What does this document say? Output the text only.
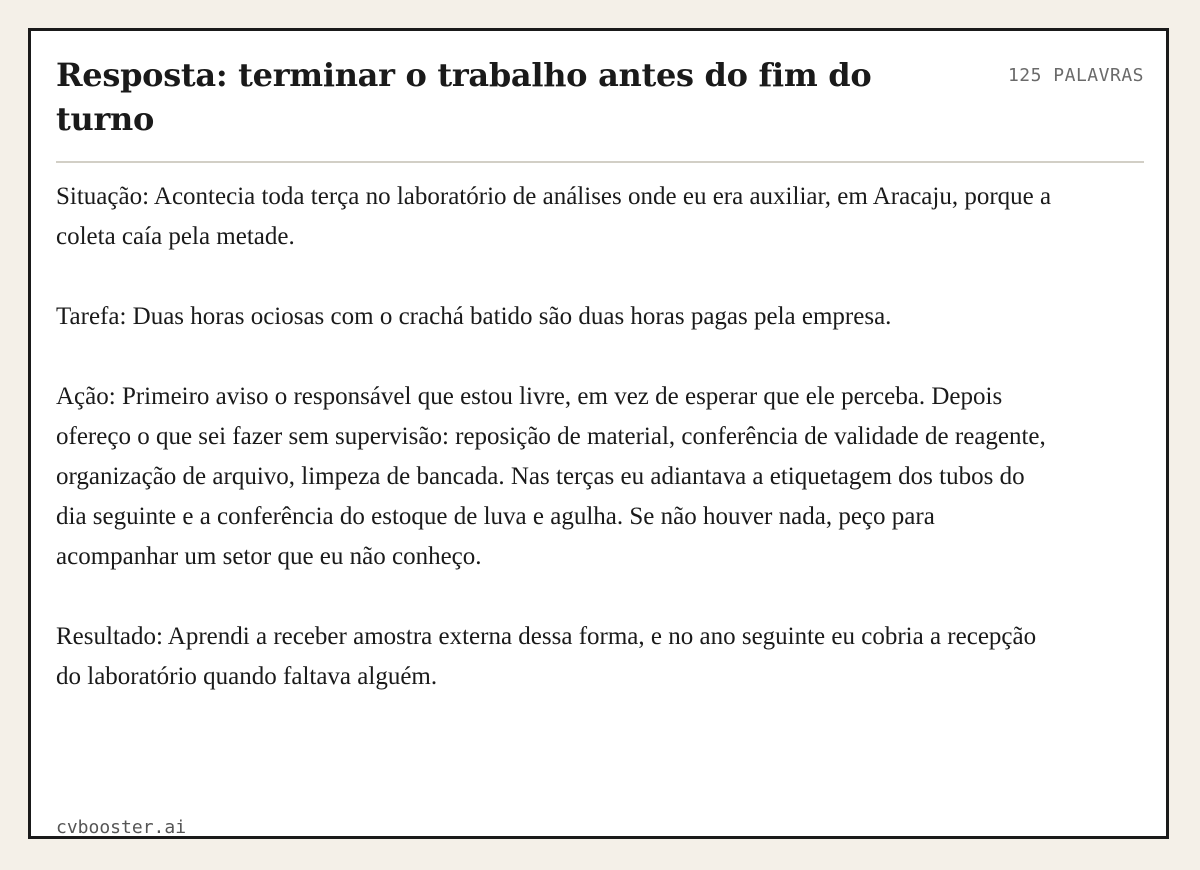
Resposta: terminar o trabalho antes do fim do turno
125 PALAVRAS

Situação: Acontecia toda terça no laboratório de análises onde eu era auxiliar, em Aracaju, porque a coleta caía pela metade.

Tarefa: Duas horas ociosas com o crachá batido são duas horas pagas pela empresa.

Ação: Primeiro aviso o responsável que estou livre, em vez de esperar que ele perceba. Depois ofereço o que sei fazer sem supervisão: reposição de material, conferência de validade de reagente, organização de arquivo, limpeza de bancada. Nas terças eu adiantava a etiquetagem dos tubos do dia seguinte e a conferência do estoque de luva e agulha. Se não houver nada, peço para acompanhar um setor que eu não conheço.

Resultado: Aprendi a receber amostra externa dessa forma, e no ano seguinte eu cobria a recepção do laboratório quando faltava alguém.

cvbooster.ai
